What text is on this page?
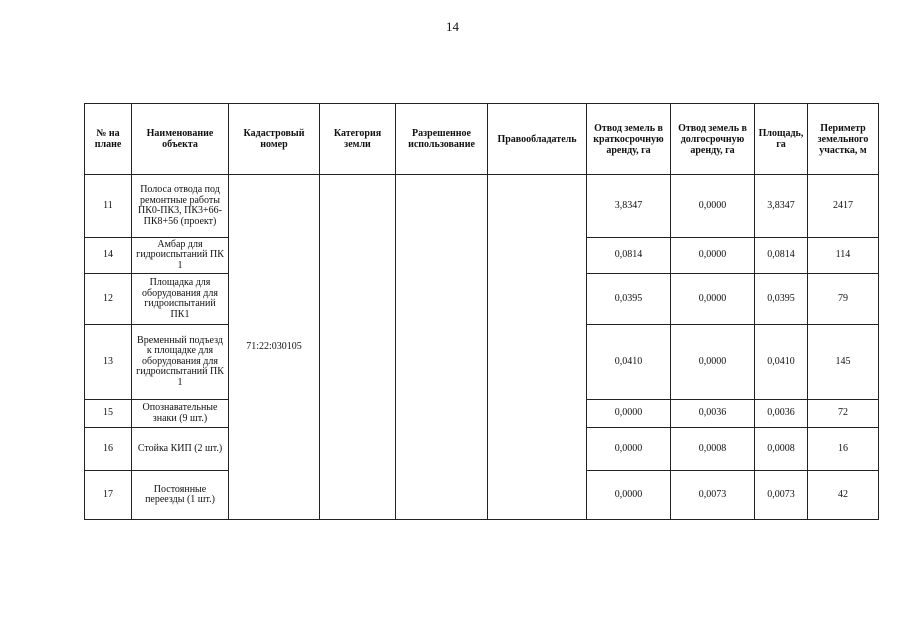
14
№ на плане	Наименование объекта	Кадастровый номер	Категория земли	Разрешенное использование	Правообладатель	Отвод земель в краткосрочную аренду, га	Отвод земель в долгосрочную аренду, га	Площадь, га	Периметр земельного участка, м
11	Полоса отвода под ремонтные работы ПК0-ПК3, ПК3+66-ПК8+56 (проект)	71:22:030105				3,8347	0,0000	3,8347	2417
14	Амбар для гидроиспытаний ПК 1					0,0814	0,0000	0,0814	114
12	Площадка для оборудования для гидроиспытаний ПК1					0,0395	0,0000	0,0395	79
13	Временный подъезд к площадке для оборудования для гидроиспытаний ПК 1					0,0410	0,0000	0,0410	145
15	Опознавательные знаки (9 шт.)					0,0000	0,0036	0,0036	72
16	Стойка КИП (2 шт.)					0,0000	0,0008	0,0008	16
17	Постоянные переезды (1 шт.)					0,0000	0,0073	0,0073	42
